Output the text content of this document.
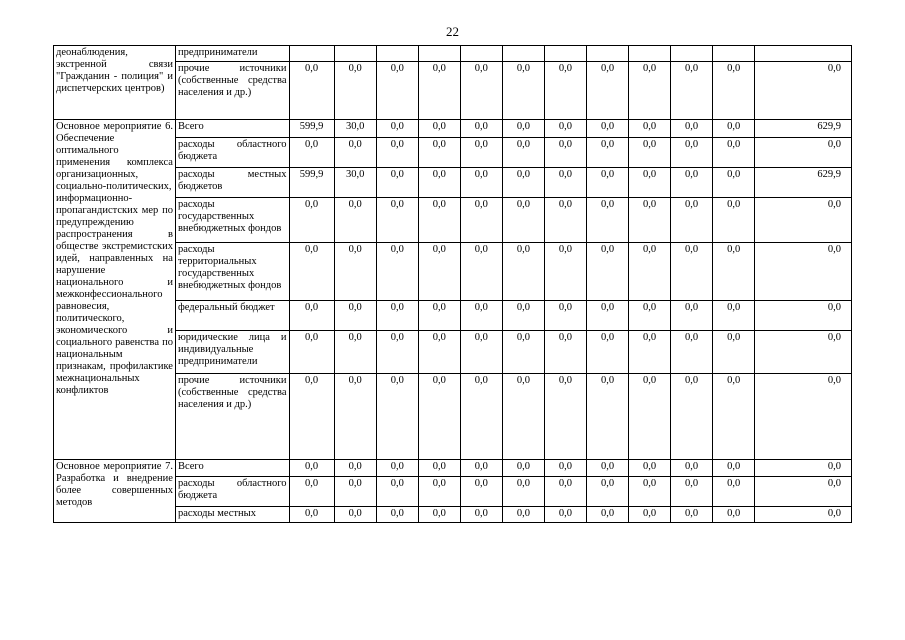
22
деонаблюдения, экстренной связи "Гражданин - полиция" и диспетчерских центров)	предприниматели												
	прочие источники (собственные средства населения и др.)	0,0	0,0	0,0	0,0	0,0	0,0	0,0	0,0	0,0	0,0	0,0	0,0
Основное мероприятие 6. Обеспечение оптимального применения комплекса организационных, социально-политических, информационно-пропагандистских мер по предупреждению распространения в обществе экстремистских идей, направленных на нарушение национального и межконфессионального равновесия, политического, экономического и социального равенства по национальным признакам, профилактике межнациональных конфликтов	Всего	599,9	30,0	0,0	0,0	0,0	0,0	0,0	0,0	0,0	0,0	0,0	629,9
	расходы областного бюджета	0,0	0,0	0,0	0,0	0,0	0,0	0,0	0,0	0,0	0,0	0,0	0,0
	расходы местных бюджетов	599,9	30,0	0,0	0,0	0,0	0,0	0,0	0,0	0,0	0,0	0,0	629,9
	расходы государственных внебюджетных фондов	0,0	0,0	0,0	0,0	0,0	0,0	0,0	0,0	0,0	0,0	0,0	0,0
	расходы территориальных государственных внебюджетных фондов	0,0	0,0	0,0	0,0	0,0	0,0	0,0	0,0	0,0	0,0	0,0	0,0
	федеральный бюджет	0,0	0,0	0,0	0,0	0,0	0,0	0,0	0,0	0,0	0,0	0,0	0,0
	юридические лица и индивидуальные предприниматели	0,0	0,0	0,0	0,0	0,0	0,0	0,0	0,0	0,0	0,0	0,0	0,0
	прочие источники (собственные средства населения и др.)	0,0	0,0	0,0	0,0	0,0	0,0	0,0	0,0	0,0	0,0	0,0	0,0
Основное мероприятие 7. Разработка и внедрение более совершенных методов	Всего	0,0	0,0	0,0	0,0	0,0	0,0	0,0	0,0	0,0	0,0	0,0	0,0
	расходы областного бюджета	0,0	0,0	0,0	0,0	0,0	0,0	0,0	0,0	0,0	0,0	0,0	0,0
	расходы местных	0,0	0,0	0,0	0,0	0,0	0,0	0,0	0,0	0,0	0,0	0,0	0,0
